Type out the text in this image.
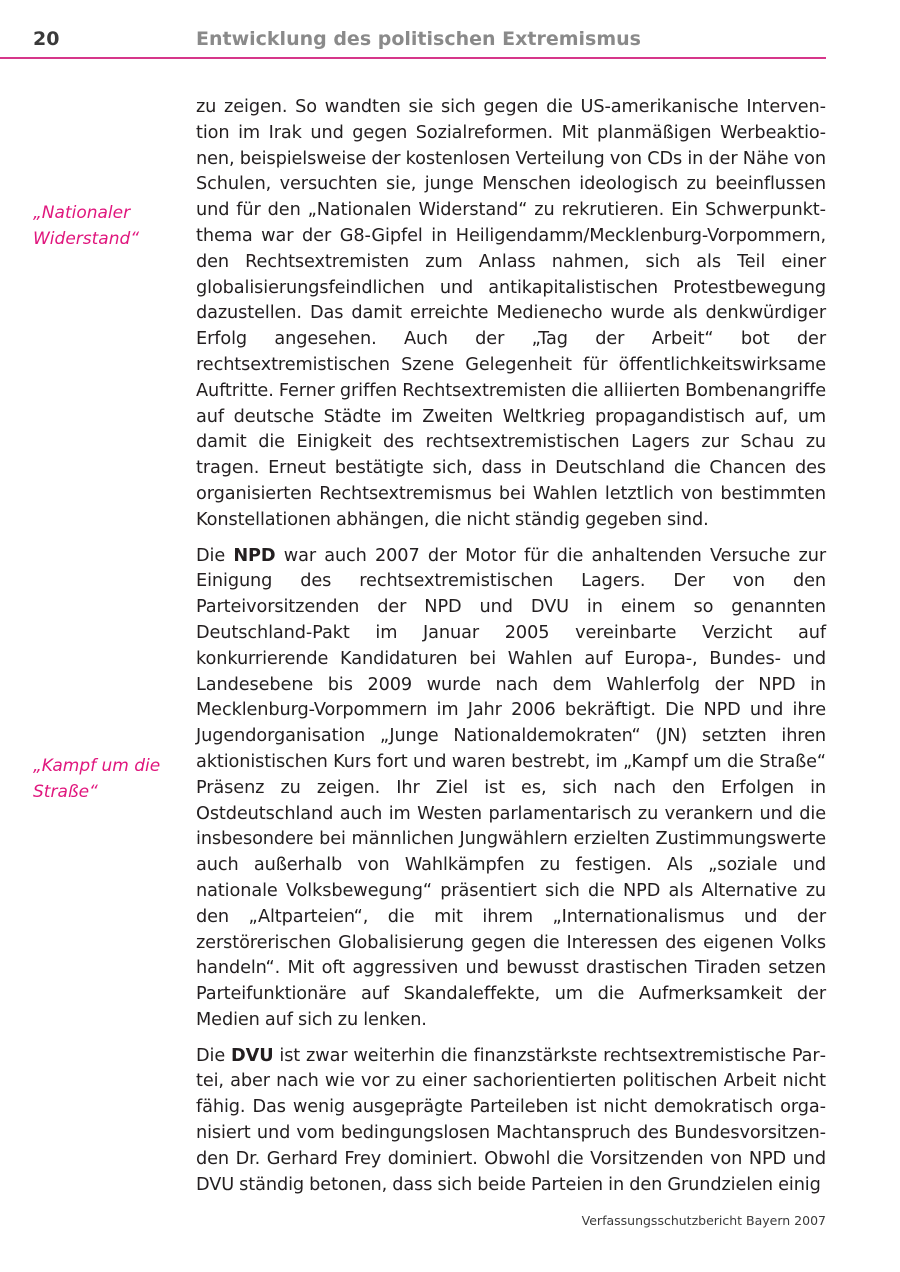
20	Entwicklung des politischen Extremismus
„Nationaler Widerstand“
„Kampf um die Straße“

zu zeigen. So wandten sie sich gegen die US-amerikanische Intervention im Irak und gegen Sozialreformen. Mit planmäßigen Werbeaktionen, beispielsweise der kostenlosen Verteilung von CDs in der Nähe von Schulen, versuchten sie, junge Menschen ideologisch zu beeinflussen und für den „Nationalen Widerstand“ zu rekrutieren. Ein Schwerpunktthema war der G8-Gipfel in Heiligendamm/Mecklenburg-Vorpommern, den Rechtsextremisten zum Anlass nahmen, sich als Teil einer globalisierungsfeindlichen und antikapitalistischen Protestbewegung dazustellen. Das damit erreichte Medienecho wurde als denkwürdiger Erfolg angesehen. Auch der „Tag der Arbeit“ bot der rechtsextremistischen Szene Gelegenheit für öffentlichkeitswirksame Auftritte. Ferner griffen Rechtsextremisten die alliierten Bombenangriffe auf deutsche Städte im Zweiten Weltkrieg propagandistisch auf, um damit die Einigkeit des rechtsextremistischen Lagers zur Schau zu tragen. Erneut bestätigte sich, dass in Deutschland die Chancen des organisierten Rechtsextremismus bei Wahlen letztlich von bestimmten Konstellationen abhängen, die nicht ständig gegeben sind.

Die NPD war auch 2007 der Motor für die anhaltenden Versuche zur Einigung des rechtsextremistischen Lagers. Der von den Parteivorsitzenden der NPD und DVU in einem so genannten Deutschland-Pakt im Januar 2005 vereinbarte Verzicht auf konkurrierende Kandidaturen bei Wahlen auf Europa-, Bundes- und Landesebene bis 2009 wurde nach dem Wahlerfolg der NPD in Mecklenburg-Vorpommern im Jahr 2006 bekräftigt. Die NPD und ihre Jugendorganisation „Junge Nationaldemokraten“ (JN) setzten ihren aktionistischen Kurs fort und waren bestrebt, im „Kampf um die Straße“ Präsenz zu zeigen. Ihr Ziel ist es, sich nach den Erfolgen in Ostdeutschland auch im Westen parlamentarisch zu verankern und die insbesondere bei männlichen Jungwählern erzielten Zustimmungswerte auch außerhalb von Wahlkämpfen zu festigen. Als „soziale und nationale Volksbewegung“ präsentiert sich die NPD als Alternative zu den „Altparteien“, die mit ihrem „Internationalismus und der zerstörerischen Globalisierung gegen die Interessen des eigenen Volks handeln“. Mit oft aggressiven und bewusst drastischen Tiraden setzen Parteifunktionäre auf Skandaleffekte, um die Aufmerksamkeit der Medien auf sich zu lenken.

Die DVU ist zwar weiterhin die finanzstärkste rechtsextremistische Partei, aber nach wie vor zu einer sachorientierten politischen Arbeit nicht fähig. Das wenig ausgeprägte Parteileben ist nicht demokratisch organisiert und vom bedingungslosen Machtanspruch des Bundesvorsitzenden Dr. Gerhard Frey dominiert. Obwohl die Vorsitzenden von NPD und DVU ständig betonen, dass sich beide Parteien in den Grundzielen einig

Verfassungsschutzbericht Bayern 2007
